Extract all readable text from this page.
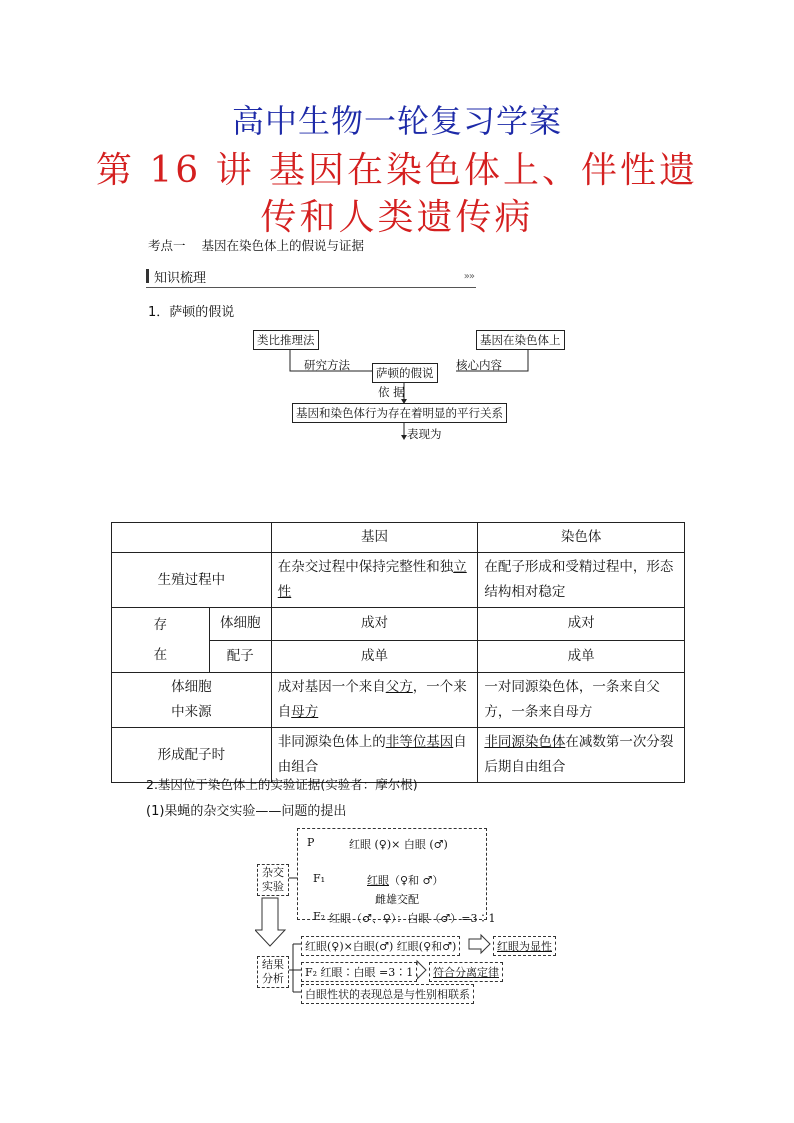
高中生物一轮复习学案
第 16 讲 基因在染色体上、伴性遗
传和人类遗传病
考点一 基因在染色体上的假说与证据
知识梳理	»»
1．萨顿的假说
类比推理法	基因在染色体上
研究方法	核心内容
萨顿的假说
依 据
基因和染色体行为存在着明显的平行关系
表现为
		基因	染色体
生殖过程中		在杂交过程中保持完整性和独立性	在配子形成和受精过程中，形态结构相对稳定
存
在	体细胞	成对	成对
	配子	成单	成单
体细胞
中来源		成对基因一个来自父方，一个来自母方	一对同源染色体，一条来自父方，一条来自母方
形成配子时		非同源染色体上的非等位基因自由组合	非同源染色体在减数第一次分裂后期自由组合
2.基因位于染色体上的实验证据(实验者：摩尔根)
(1)果蝇的杂交实验——问题的提出
杂交
实验
P	红眼 (♀)× 白眼 (♂)
F₁	红眼（♀和 ♂）
雌雄交配
F₂ 红眼（♂、♀）：白眼（♂）=3∶1
结果
分析
红眼(♀)×白眼(♂) 红眼(♀和♂)	红眼为显性
F₂ 红眼∶白眼 =3∶1	符合分离定律
白眼性状的表现总是与性别相联系
